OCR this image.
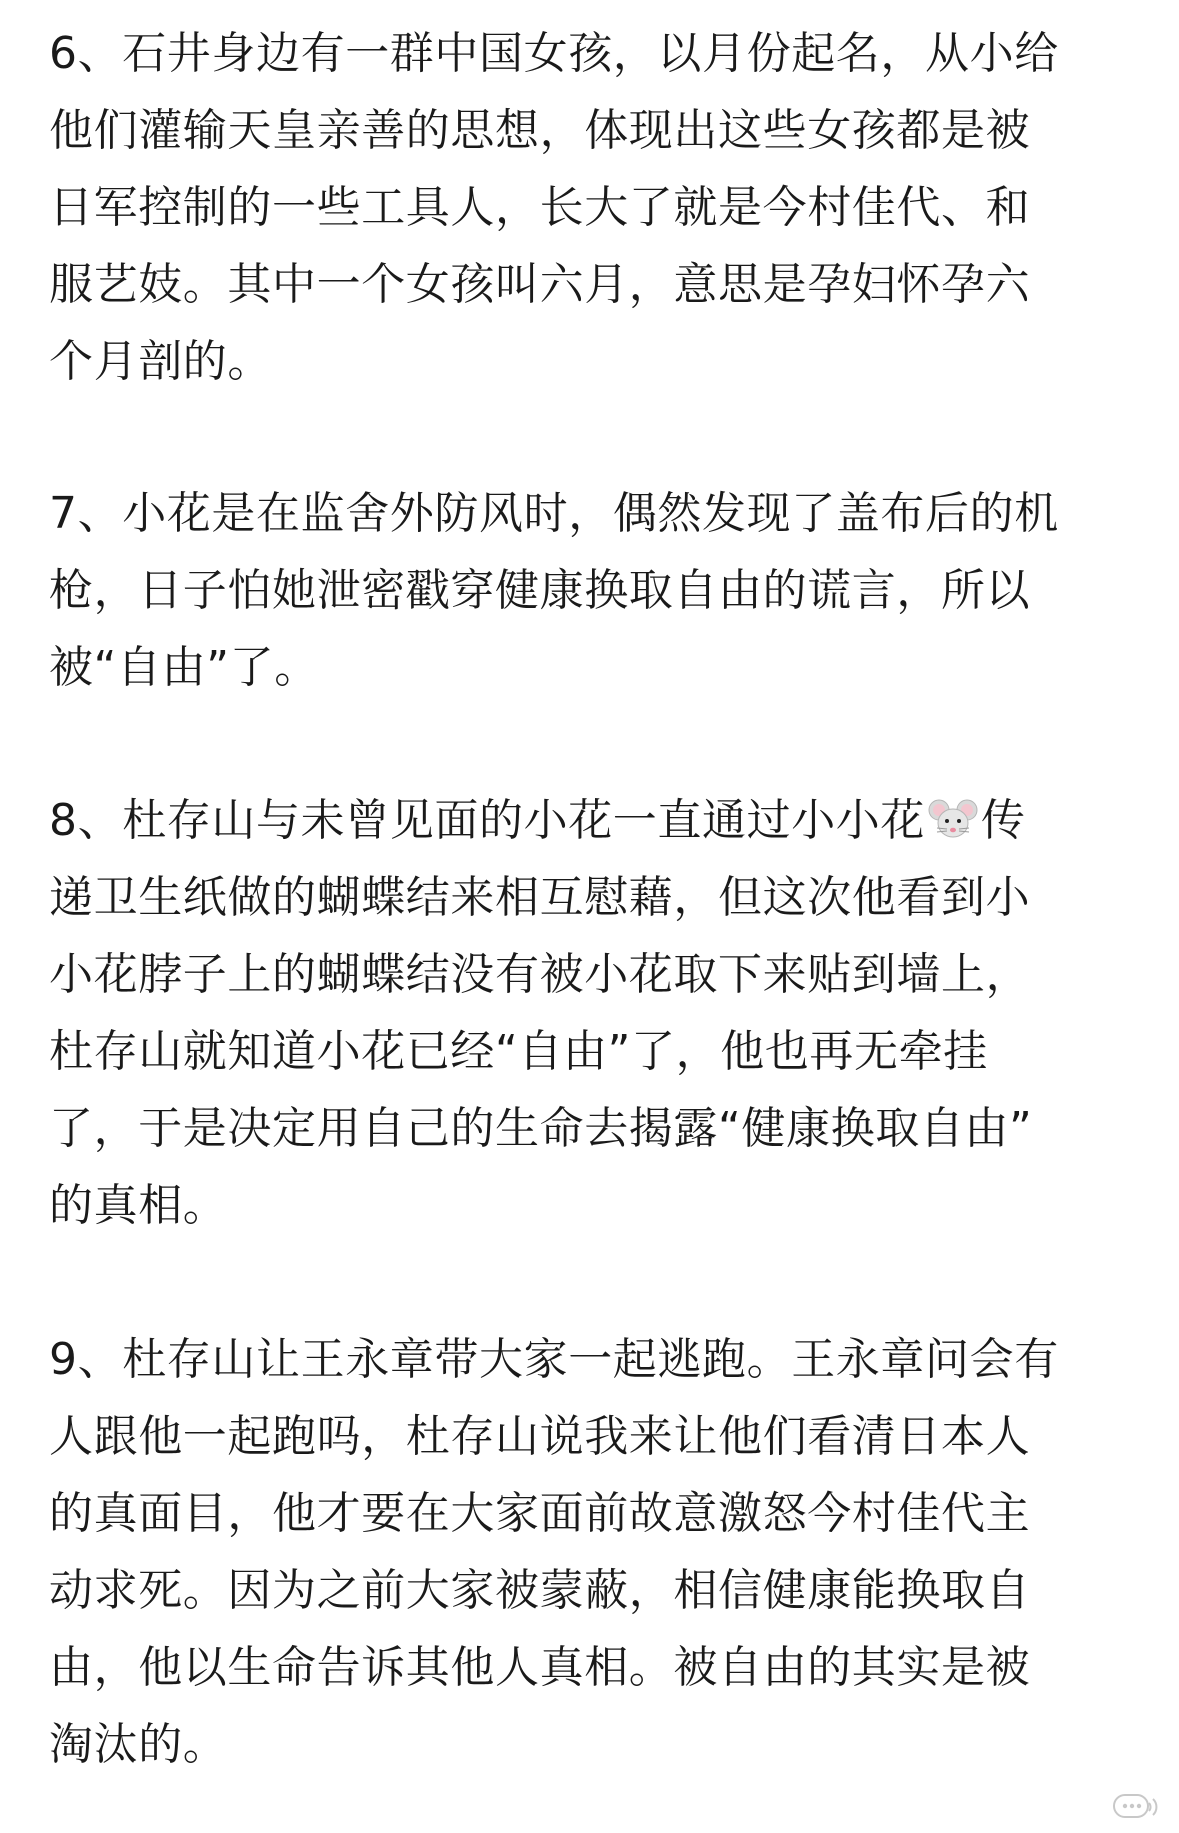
6、石井身边有一群中国女孩，以月份起名，从小给
他们灌输天皇亲善的思想，体现出这些女孩都是被
日军控制的一些工具人，长大了就是今村佳代、和
服艺妓。其中一个女孩叫六月，意思是孕妇怀孕六
个月剖的。

7、小花是在监舍外防风时，偶然发现了盖布后的机
枪，日子怕她泄密戳穿健康换取自由的谎言，所以
被“自由”了。

8、杜存山与未曾见面的小花一直通过小小花 传
递卫生纸做的蝴蝶结来相互慰藉，但这次他看到小
小花脖子上的蝴蝶结没有被小花取下来贴到墙上，
杜存山就知道小花已经“自由”了，他也再无牵挂
了，于是决定用自己的生命去揭露“健康换取自由”
的真相。

9、杜存山让王永章带大家一起逃跑。王永章问会有
人跟他一起跑吗，杜存山说我来让他们看清日本人
的真面目，他才要在大家面前故意激怒今村佳代主
动求死。因为之前大家被蒙蔽，相信健康能换取自
由，他以生命告诉其他人真相。被自由的其实是被
淘汰的。
